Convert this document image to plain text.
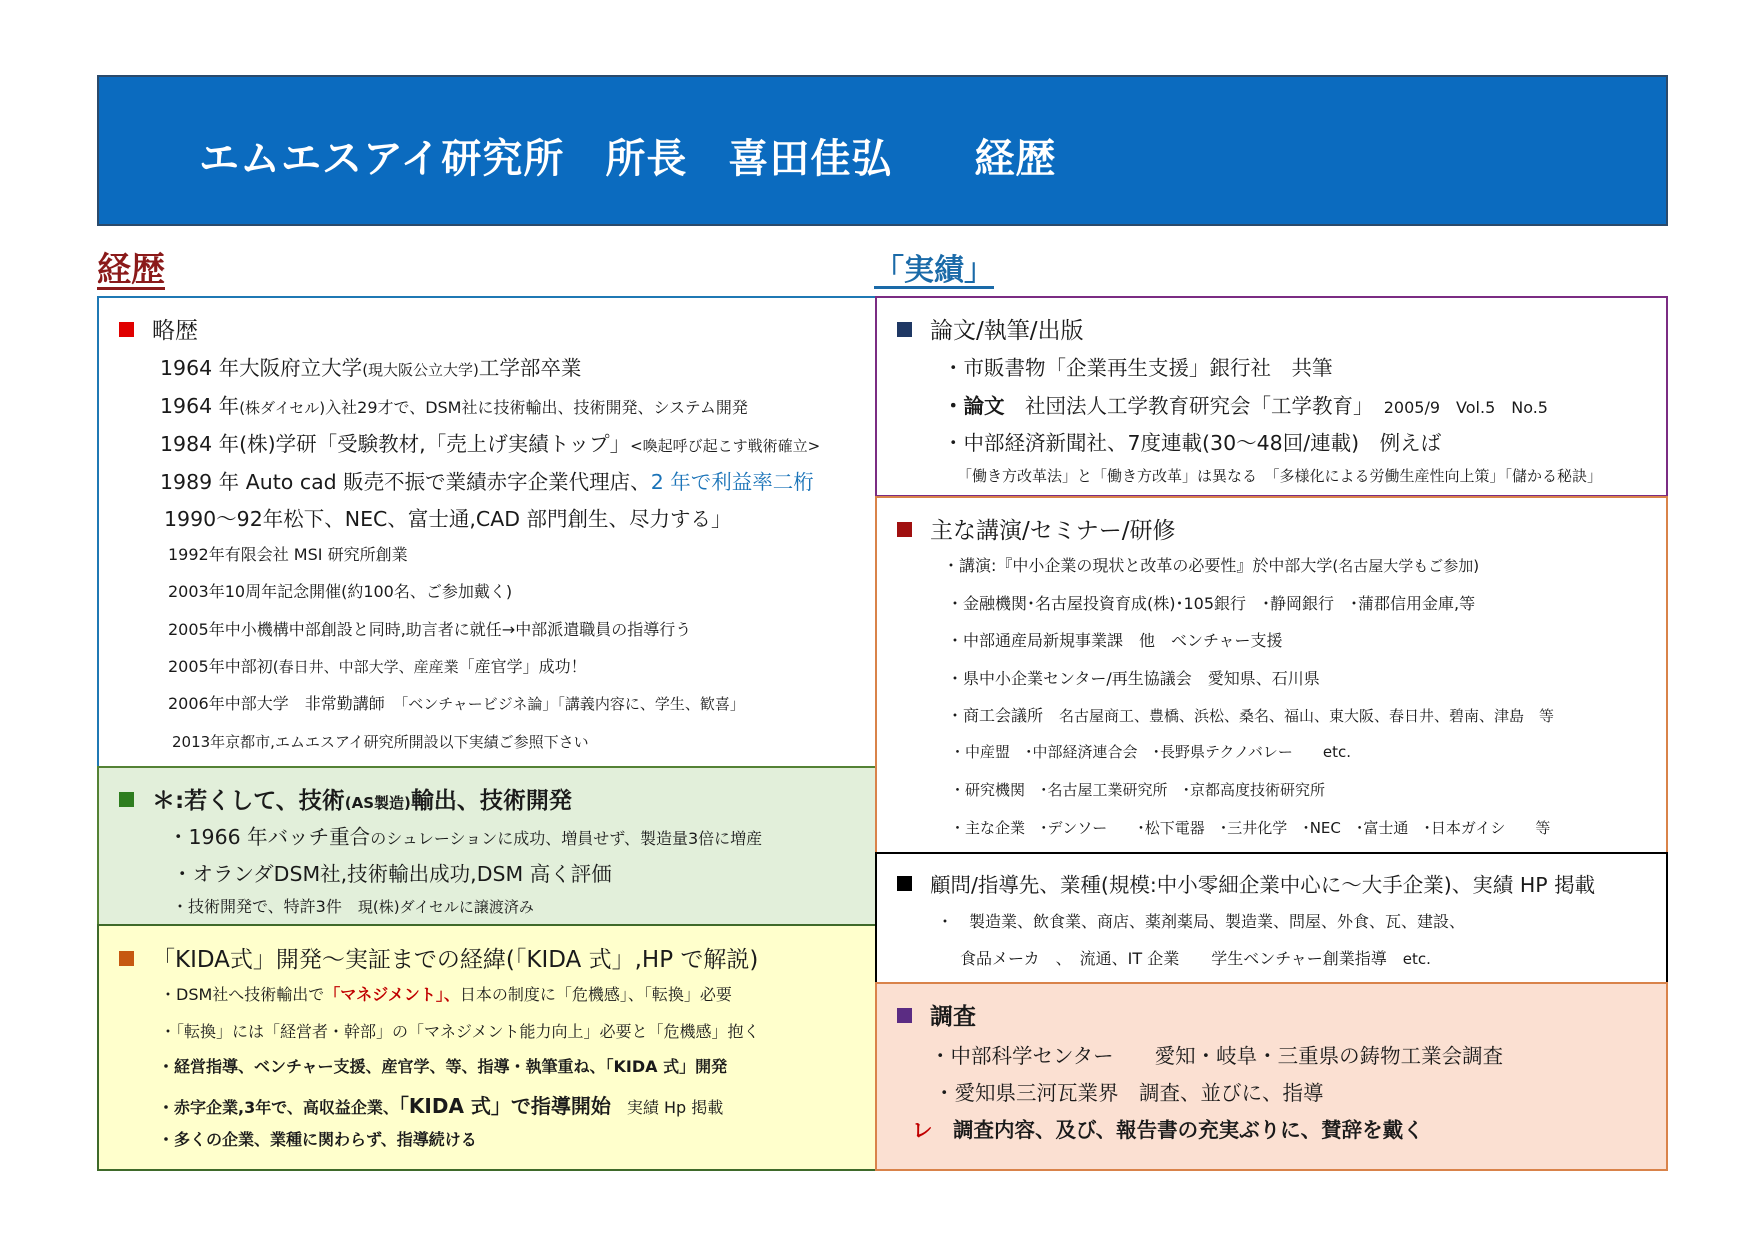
エムエスアイ研究所　所長　喜田佳弘　　経歴
経歴	「実績」
略歴
1964 年大阪府立大学(現大阪公立大学)工学部卒業
1964 年(株ダイセル)入社29才で、DSM社に技術輸出、技術開発、システム開発
1984 年(株)学研「受験教材,「売上げ実績トップ」<喚起呼び起こす戦術確立>
1989 年 Auto cad 販売不振で業績赤字企業代理店、2 年で利益率二桁
1990～92年松下、NEC、富士通,CAD 部門創生、尽力する」
1992年有限会社 MSI 研究所創業
2003年10周年記念開催(約100名、ご参加戴く)
2005年中小機構中部創設と同時,助言者に就任→中部派遣職員の指導行う
2005年中部初(春日井、中部大学、産産業「産官学」成功！
2006年中部大学　非常勤講師　 「ベンチャービジネ論」「講義内容に、学生、歓喜」
2013年京都市,エムエスアイ研究所開設以下実績ご参照下さい
＊:若くして、技術(AS製造)輸出、技術開発
・1966 年バッチ重合のシュレーションに成功、増員せず、製造量3倍に増産
・オランダDSM社,技術輸出成功,DSM 高く評価
・技術開発で、特許3件　 現(株)ダイセルに譲渡済み
「KIDA式」開発～実証までの経緯(「KIDA 式」,HP で解説)
・DSM社へ技術輸出で「マネジメント」、日本の制度に「危機感」、「転換」必要
・「転換」には「経営者・幹部」の「マネジメント能力向上」必要と「危機感」抱く
・経営指導、ベンチャー支援、産官学、等、指導・執筆重ね、「KIDA 式」開発
・赤字企業,3年で、高収益企業、「KIDA 式」で指導開始　 実績 Hp 掲載
・多くの企業、業種に関わらず、指導続ける
論文/執筆/出版
・市販書物「企業再生支援」銀行社　共筆
・論文　 社団法人工学教育研究会「工学教育」　 2005/9　Vol.5　No.5
・中部経済新聞社、7度連載(30～48回/連載)　例えば
「働き方改革法」と「働き方改革」は異なる　「多様化による労働生産性向上策」「儲かる秘訣」
主な講演/セミナー/研修
・講演:『中小企業の現状と改革の必要性』於中部大学(名古屋大学もご参加)
・金融機関･名古屋投資育成(株)･105銀行　･静岡銀行　･蒲郡信用金庫,等
・中部通産局新規事業課　他　ベンチャー支援
・県中小企業センター/再生協議会　愛知県、石川県
・商工会議所　 名古屋商工、豊橋、浜松、桑名、福山、東大阪、春日井、碧南、津島　等
・中産盟　･中部経済連合会　･長野県テクノバレー　　etc.
・研究機関　･名古屋工業研究所　･京都高度技術研究所
・主な企業　･デンソー　　･松下電器　･三井化学　･NEC　･富士通　･日本ガイシ　　等
顧問/指導先、業種(規模:中小零細企業中心に～大手企業)、実績 HP 掲載
・　製造業、飲食業、商店、薬剤薬局、製造業、問屋、外食、瓦、建設、
食品メーカ　、　流通、IT 企業　　学生ベンチャー創業指導　 etc.
調査
・中部科学センター　　愛知・岐阜・三重県の鋳物工業会調査
・愛知県三河瓦業界　調査、並びに、指導
レ　 調査内容、及び、報告書の充実ぶりに、賛辞を戴く
